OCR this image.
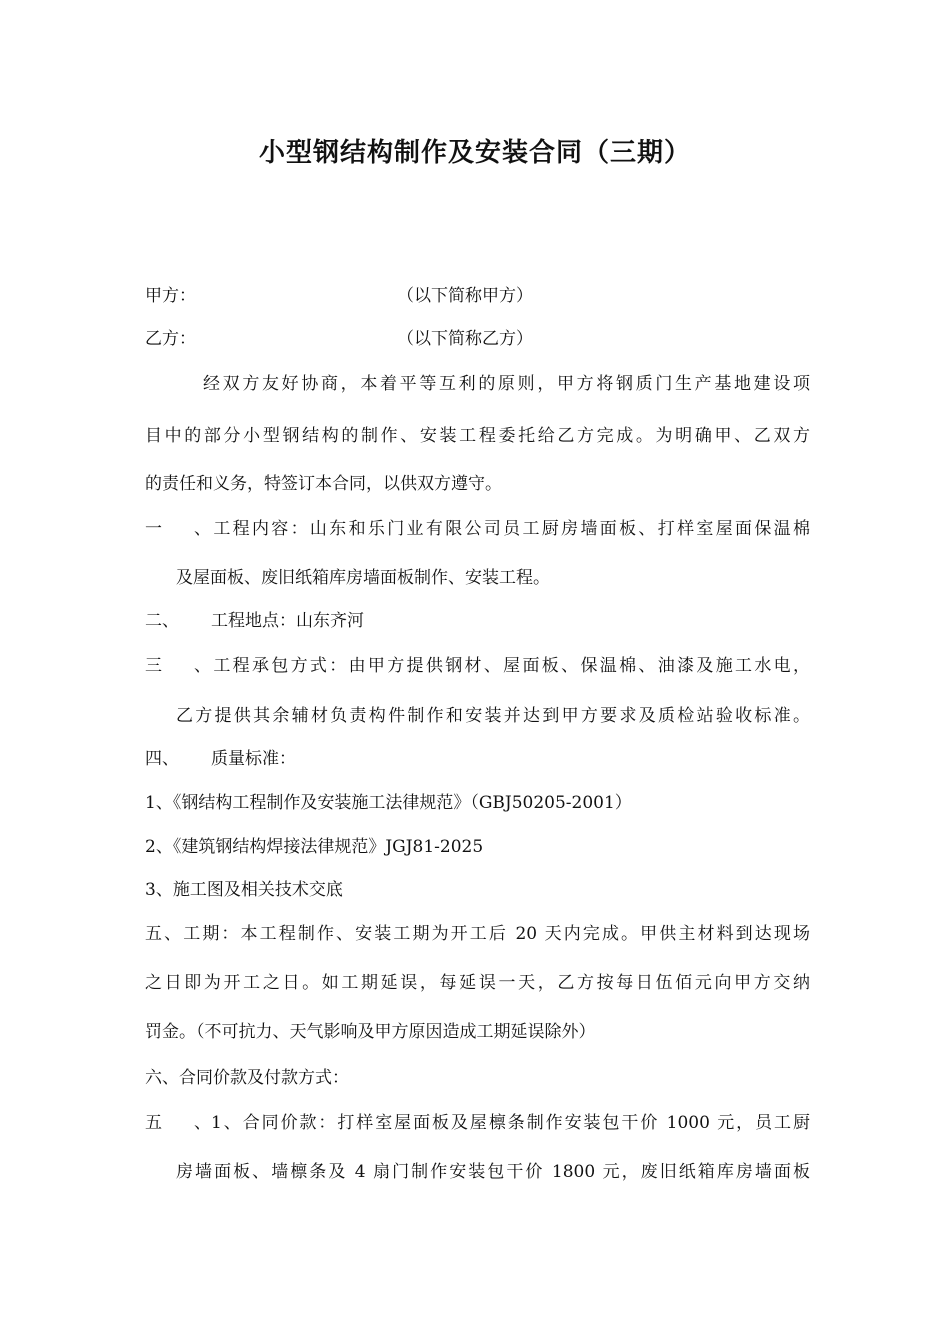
小型钢结构制作及安装合同（三期）
甲方：	（以下简称甲方）
乙方：	（以下简称乙方）
经双方友好协商，本着平等互利的原则，甲方将钢质门生产基地建设项
目中的部分小型钢结构的制作、安装工程委托给乙方完成。为明确甲、乙双方
的责任和义务，特签订本合同，以供双方遵守。
一、工程内容：山东和乐门业有限公司员工厨房墙面板、打样室屋面保温棉
及屋面板、废旧纸箱库房墙面板制作、安装工程。
二、 工程地点：山东齐河
三、工程承包方式：由甲方提供钢材、屋面板、保温棉、油漆及施工水电，
乙方提供其余辅材负责构件制作和安装并达到甲方要求及质检站验收标准。
四、 质量标准：
1、《钢结构工程制作及安装施工法律规范》（GBJ50205-2001）
2、《建筑钢结构焊接法律规范》JGJ81-2025
3、施工图及相关技术交底
五、工期：本工程制作、安装工期为开工后 20 天内完成。甲供主材料到达现场
之日即为开工之日。如工期延误，每延误一天，乙方按每日伍佰元向甲方交纳
罚金。（不可抗力、天气影响及甲方原因造成工期延误除外）
六、合同价款及付款方式：
五、1、合同价款：打样室屋面板及屋檩条制作安装包干价 1000 元，员工厨
房墙面板、墙檩条及 4 扇门制作安装包干价 1800 元，废旧纸箱库房墙面板
